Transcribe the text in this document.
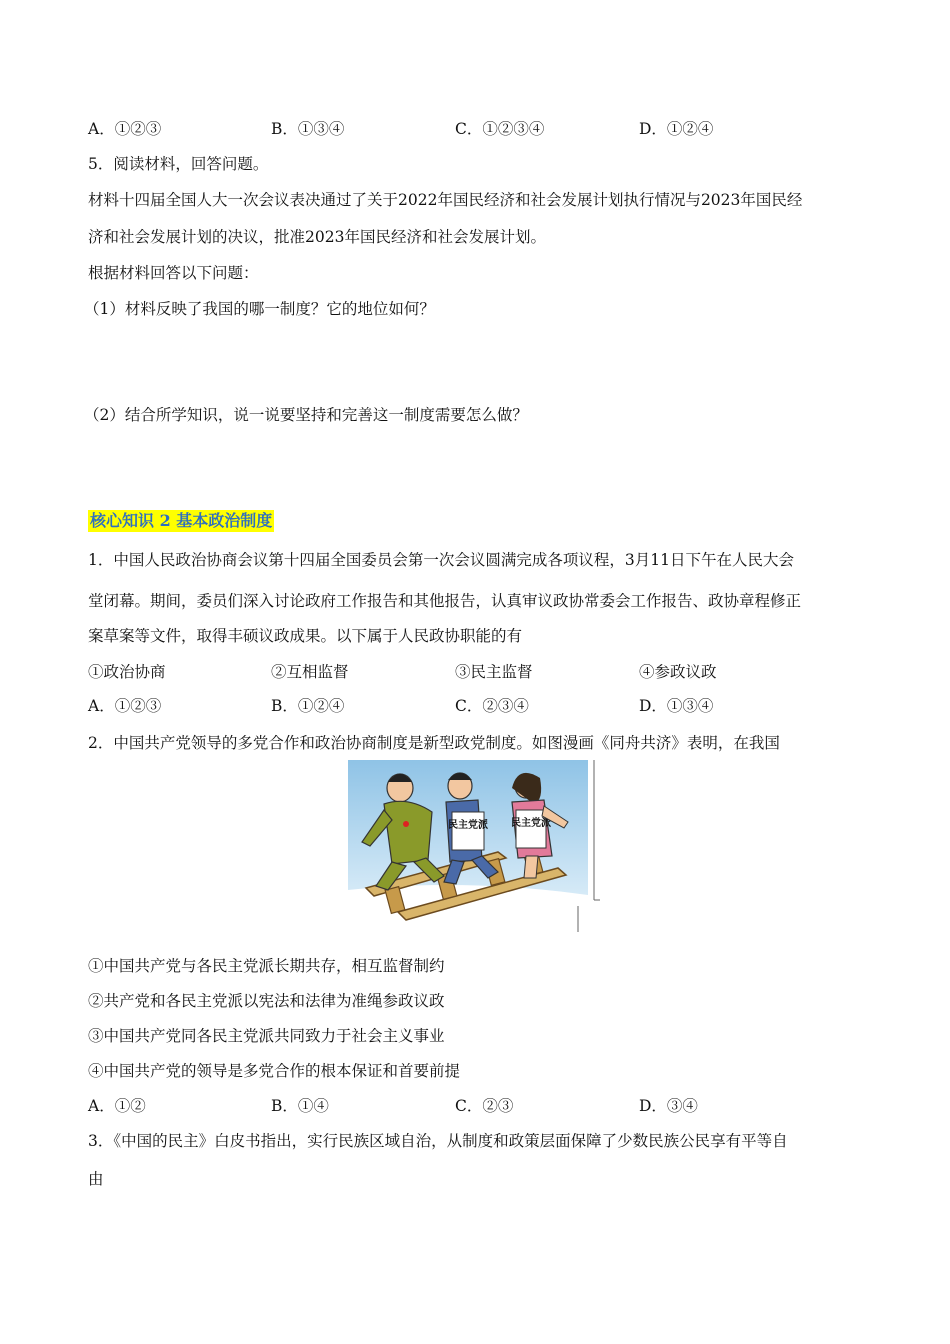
A．①②③	B．①③④	C．①②③④	D．①②④
5．阅读材料，回答问题。
材料十四届全国人大一次会议表决通过了关于2022年国民经济和社会发展计划执行情况与2023年国民经
济和社会发展计划的决议，批准2023年国民经济和社会发展计划。
根据材料回答以下问题：
（1）材料反映了我国的哪一制度？它的地位如何？
（2）结合所学知识，说一说要坚持和完善这一制度需要怎么做？
核心知识 2 基本政治制度
1．中国人民政治协商会议第十四届全国委员会第一次会议圆满完成各项议程，3月11日下午在人民大会
堂闭幕。期间，委员们深入讨论政府工作报告和其他报告，认真审议政协常委会工作报告、政协章程修正
案草案等文件，取得丰硕议政成果。以下属于人民政协职能的有
①政治协商	②互相监督	③民主监督	④参政议政
A．①②③	B．①②④	C．②③④	D．①③④
2．中国共产党领导的多党合作和政治协商制度是新型政党制度。如图漫画《同舟共济》表明，在我国
民主党派 民主党派
①中国共产党与各民主党派长期共存，相互监督制约
②共产党和各民主党派以宪法和法律为准绳参政议政
③中国共产党同各民主党派共同致力于社会主义事业
④中国共产党的领导是多党合作的根本保证和首要前提
A．①②	B．①④	C．②③	D．③④
3．《中国的民主》白皮书指出，实行民族区域自治，从制度和政策层面保障了少数民族公民享有平等自
由
